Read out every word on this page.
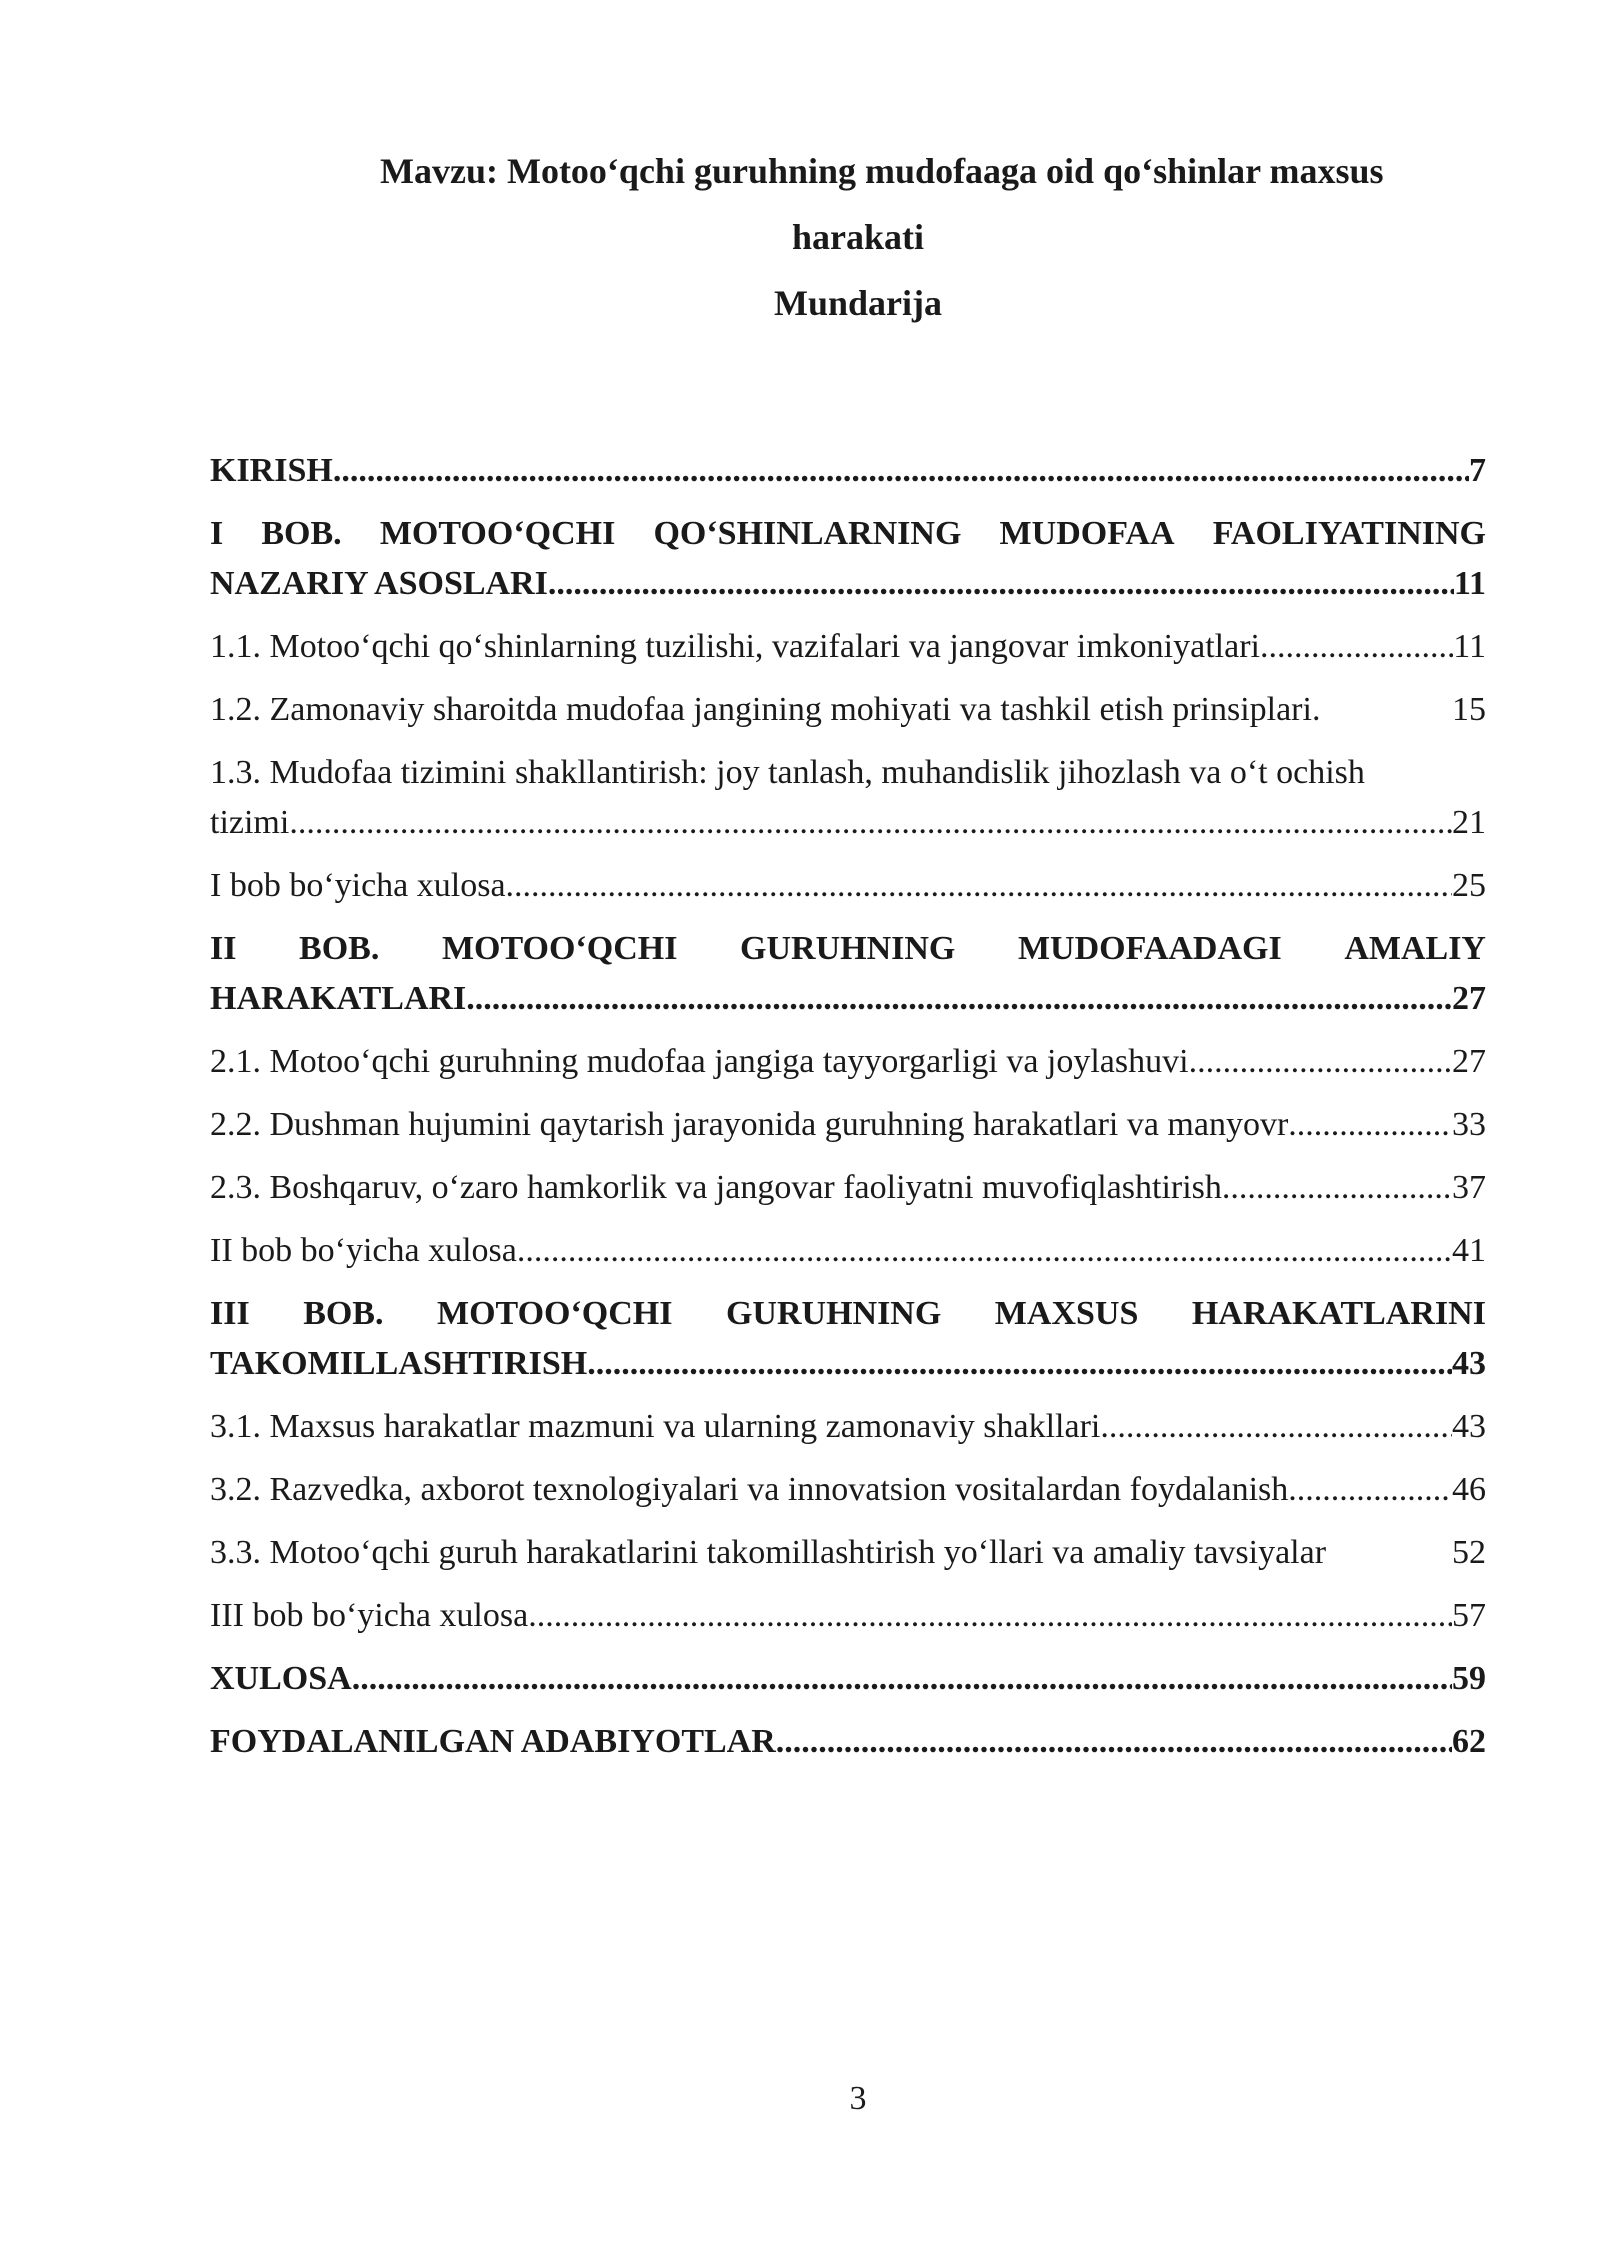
Mavzu: Motooʻqchi guruhning mudofaaga oid qoʻshinlar maxsus
harakati
Mundarija
KIRISH .....	7
I BOB. MOTOOʻQCHI QOʻSHINLARNING MUDOFAA FAOLIYATINING
NAZARIY ASOSLARI .....	11
1.1. Motooʻqchi qoʻshinlarning tuzilishi, vazifalari va jangovar imkoniyatlari .....	11
1.2. Zamonaviy sharoitda mudofaa jangining mohiyati va tashkil etish prinsiplari.	15
1.3. Mudofaa tizimini shakllantirish: joy tanlash, muhandislik jihozlash va oʻt ochish
tizimi .....	21
I bob boʻyicha xulosa .....	25
II BOB. MOTOOʻQCHI GURUHNING MUDOFAADAGI AMALIY
HARAKATLARI .....	27
2.1. Motooʻqchi guruhning mudofaa jangiga tayyorgarligi va joylashuvi .....	27
2.2. Dushman hujumini qaytarish jarayonida guruhning harakatlari va manyovr .....	33
2.3. Boshqaruv, oʻzaro hamkorlik va jangovar faoliyatni muvofiqlashtirish .....	37
II bob boʻyicha xulosa .....	41
III BOB. MOTOOʻQCHI GURUHNING MAXSUS HARAKATLARINI
TAKOMILLASHTIRISH .....	43
3.1. Maxsus harakatlar mazmuni va ularning zamonaviy shakllari .....	43
3.2. Razvedka, axborot texnologiyalari va innovatsion vositalardan foydalanish .....	46
3.3. Motooʻqchi guruh harakatlarini takomillashtirish yoʻllari va amaliy tavsiyalar	52
III bob boʻyicha xulosa .....	57
XULOSA .....	59
FOYDALANILGAN ADABIYOTLAR .....	62
3
